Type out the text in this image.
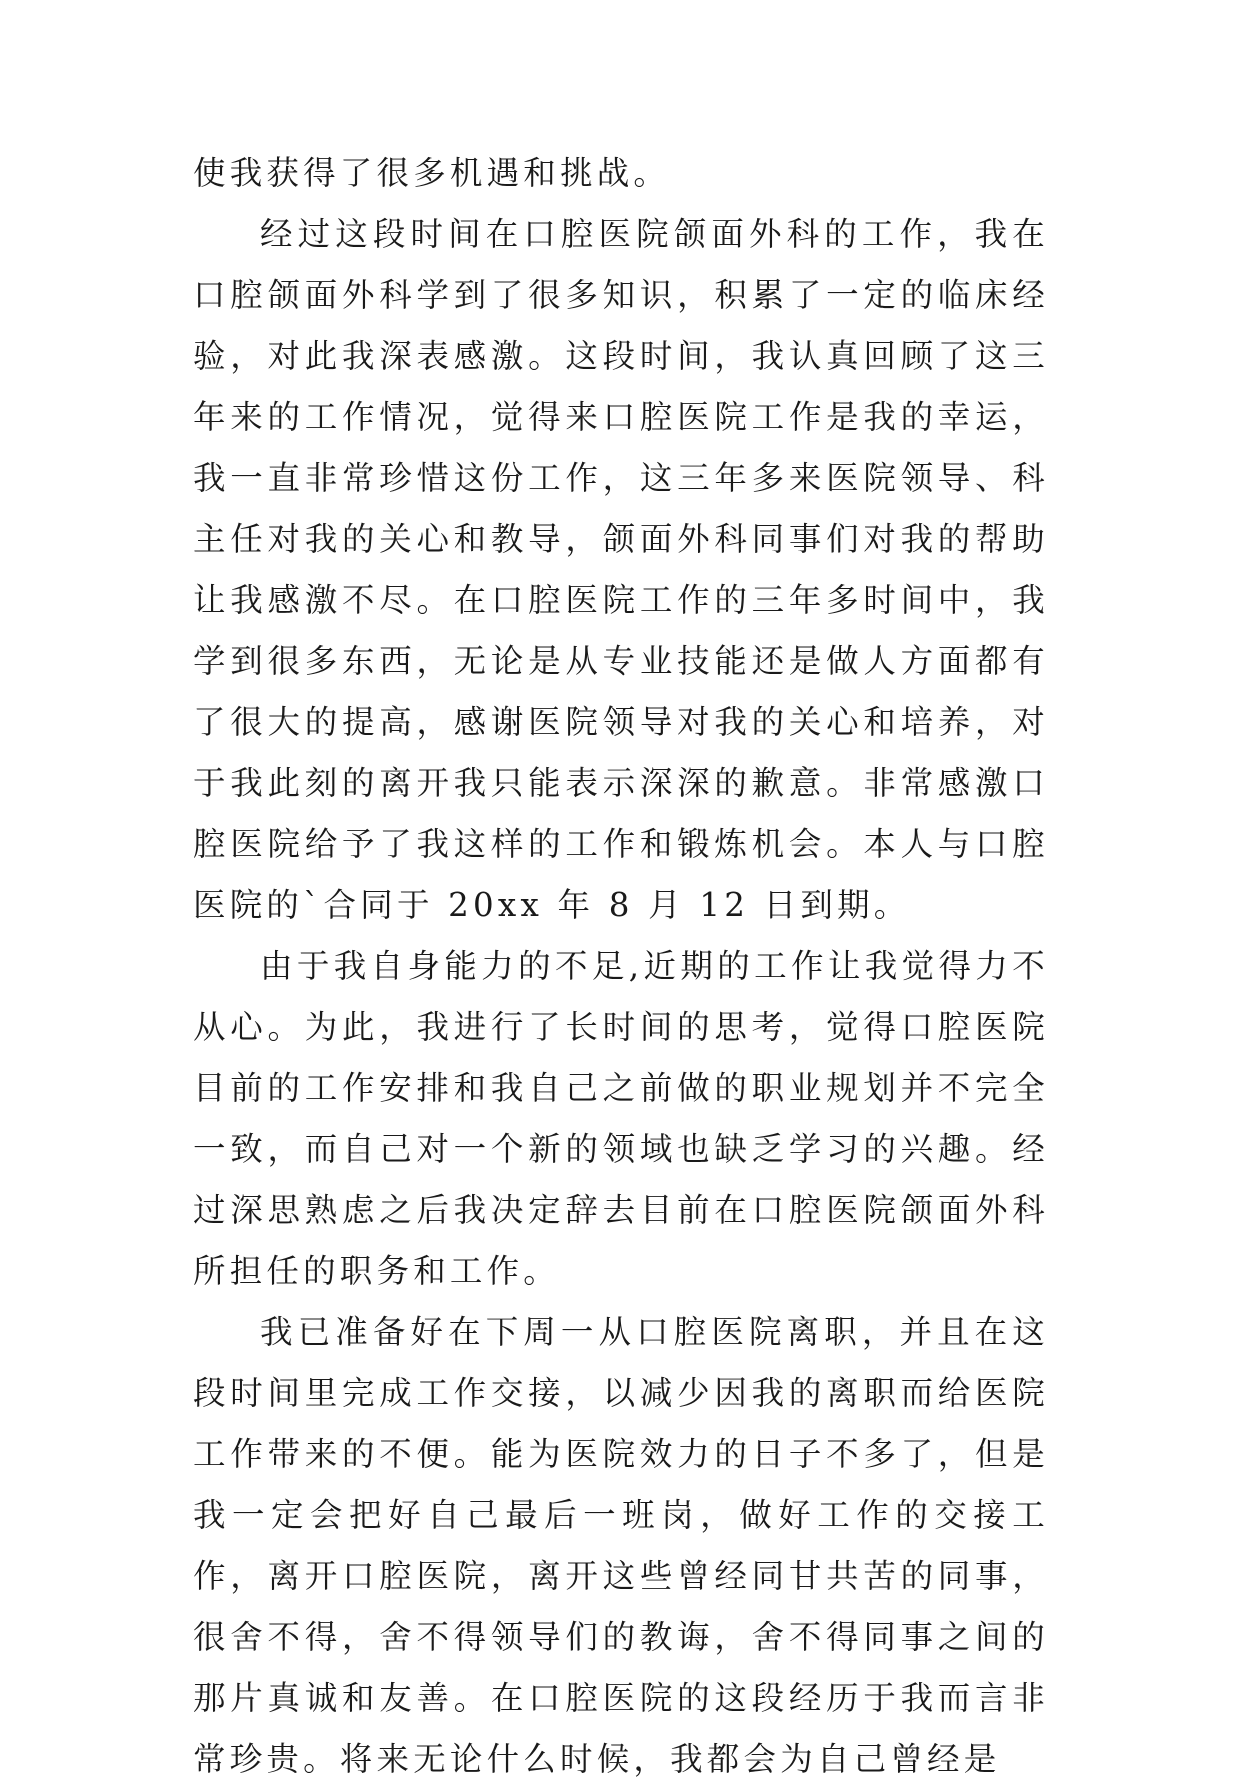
使我获得了很多机遇和挑战。

经过这段时间在口腔医院颌面外科的工作，我在口腔颌面外科学到了很多知识，积累了一定的临床经验，对此我深表感激。这段时间，我认真回顾了这三年来的工作情况，觉得来口腔医院工作是我的幸运，我一直非常珍惜这份工作，这三年多来医院领导、科主任对我的关心和教导，颌面外科同事们对我的帮助让我感激不尽。在口腔医院工作的三年多时间中，我学到很多东西，无论是从专业技能还是做人方面都有了很大的提高，感谢医院领导对我的关心和培养，对于我此刻的离开我只能表示深深的歉意。非常感激口腔医院给予了我这样的工作和锻炼机会。本人与口腔医院的`合同于 20xx 年 8 月 12 日到期。

由于我自身能力的不足,近期的工作让我觉得力不从心。为此，我进行了长时间的思考，觉得口腔医院目前的工作安排和我自己之前做的职业规划并不完全一致，而自己对一个新的领域也缺乏学习的兴趣。经过深思熟虑之后我决定辞去目前在口腔医院颌面外科所担任的职务和工作。

我已准备好在下周一从口腔医院离职，并且在这段时间里完成工作交接，以减少因我的离职而给医院工作带来的不便。能为医院效力的日子不多了，但是我一定会把好自己最后一班岗，做好工作的交接工作，离开口腔医院，离开这些曾经同甘共苦的同事，很舍不得，舍不得领导们的教诲，舍不得同事之间的那片真诚和友善。在口腔医院的这段经历于我而言非常珍贵。将来无论什么时候，我都会为自己曾经是
